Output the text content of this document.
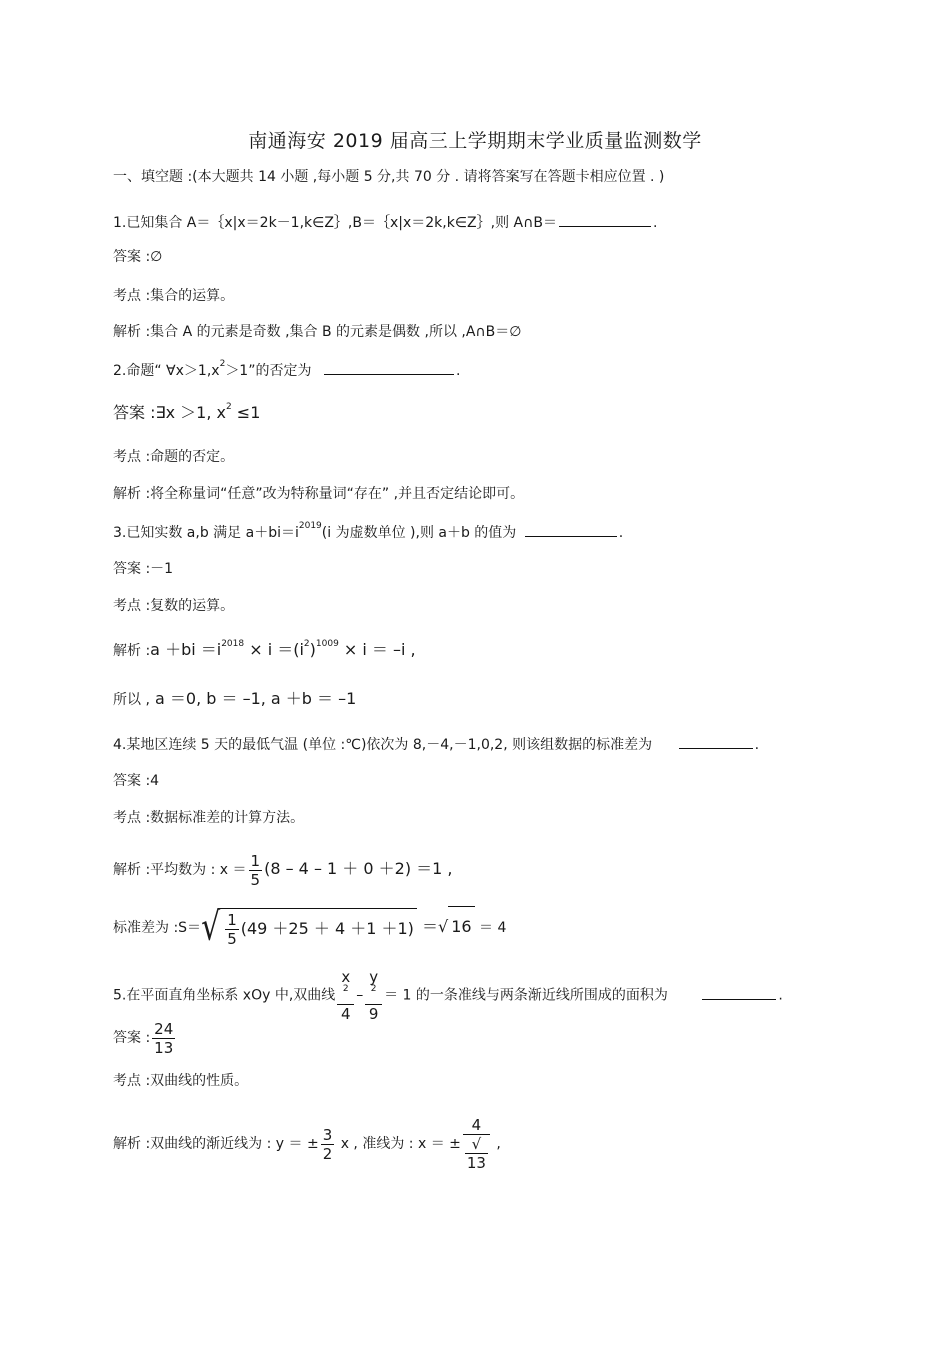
南通海安 2019 届高三上学期期末学业质量监测数学
一、填空题 :(本大题共 14 小题 ,每小题 5 分,共 70 分 . 请将答案写在答题卡相应位置 . )
1.已知集合 A＝｛x|x＝2k－1,k∈Z｝,B＝｛x|x＝2k,k∈Z｝,则 A∩B＝	.
答案 :∅
考点 :集合的运算。
解析 :集合 A 的元素是奇数 ,集合 B 的元素是偶数 ,所以 ,A∩B＝∅
2.命题“ $\forall x>1,x^2>1$”的否定为	.
答案 :∃x ＞1, $x^2 \le 1$
考点 :命题的否定。
解析 :将全称量词“任意”改为特称量词“存在” ,并且否定结论即可。
3.已知实数 a,b 满足 $a+bi=i^{2019}(i$ 为虚数单位 ),则 a＋b 的值为	.
答案 :－1
考点 :复数的运算。
解析 :a $+bi =i^{2018} \times i =(i^2)^{1009} \times i = -i$ ,
所以 , a ＝0, b ＝ –1, a ＋b ＝ –1
4.某地区连续 5 天的最低气温 (单位 :℃)依次为 8,－4,－1,0,2, 则该组数据的标准差为	.
答案 :4
考点 :数据标准差的计算方法。
解析 :平均数为 : $x = \frac{1}{5} (8 - 4 - 1 + 0 +2) =1$ ,
标准差为 :S＝√ $\frac{1}{5} (49 +25 + 4 +1 +1)$ ＝√ 16 ＝ 4
5.在平面直角坐标系 xOy 中,双曲线 x
$^2$
4 – y
$^2$
9 ＝ 1 的一条准线与两条渐近线所围成的面积为	.
答案 : $\frac{24}{13}$
考点 :双曲线的性质。
解析 :双曲线的渐近线为 : y ＝ ± $\frac{3}{2}$ x , 准线为 : x ＝ ± 4
√
13 ,
